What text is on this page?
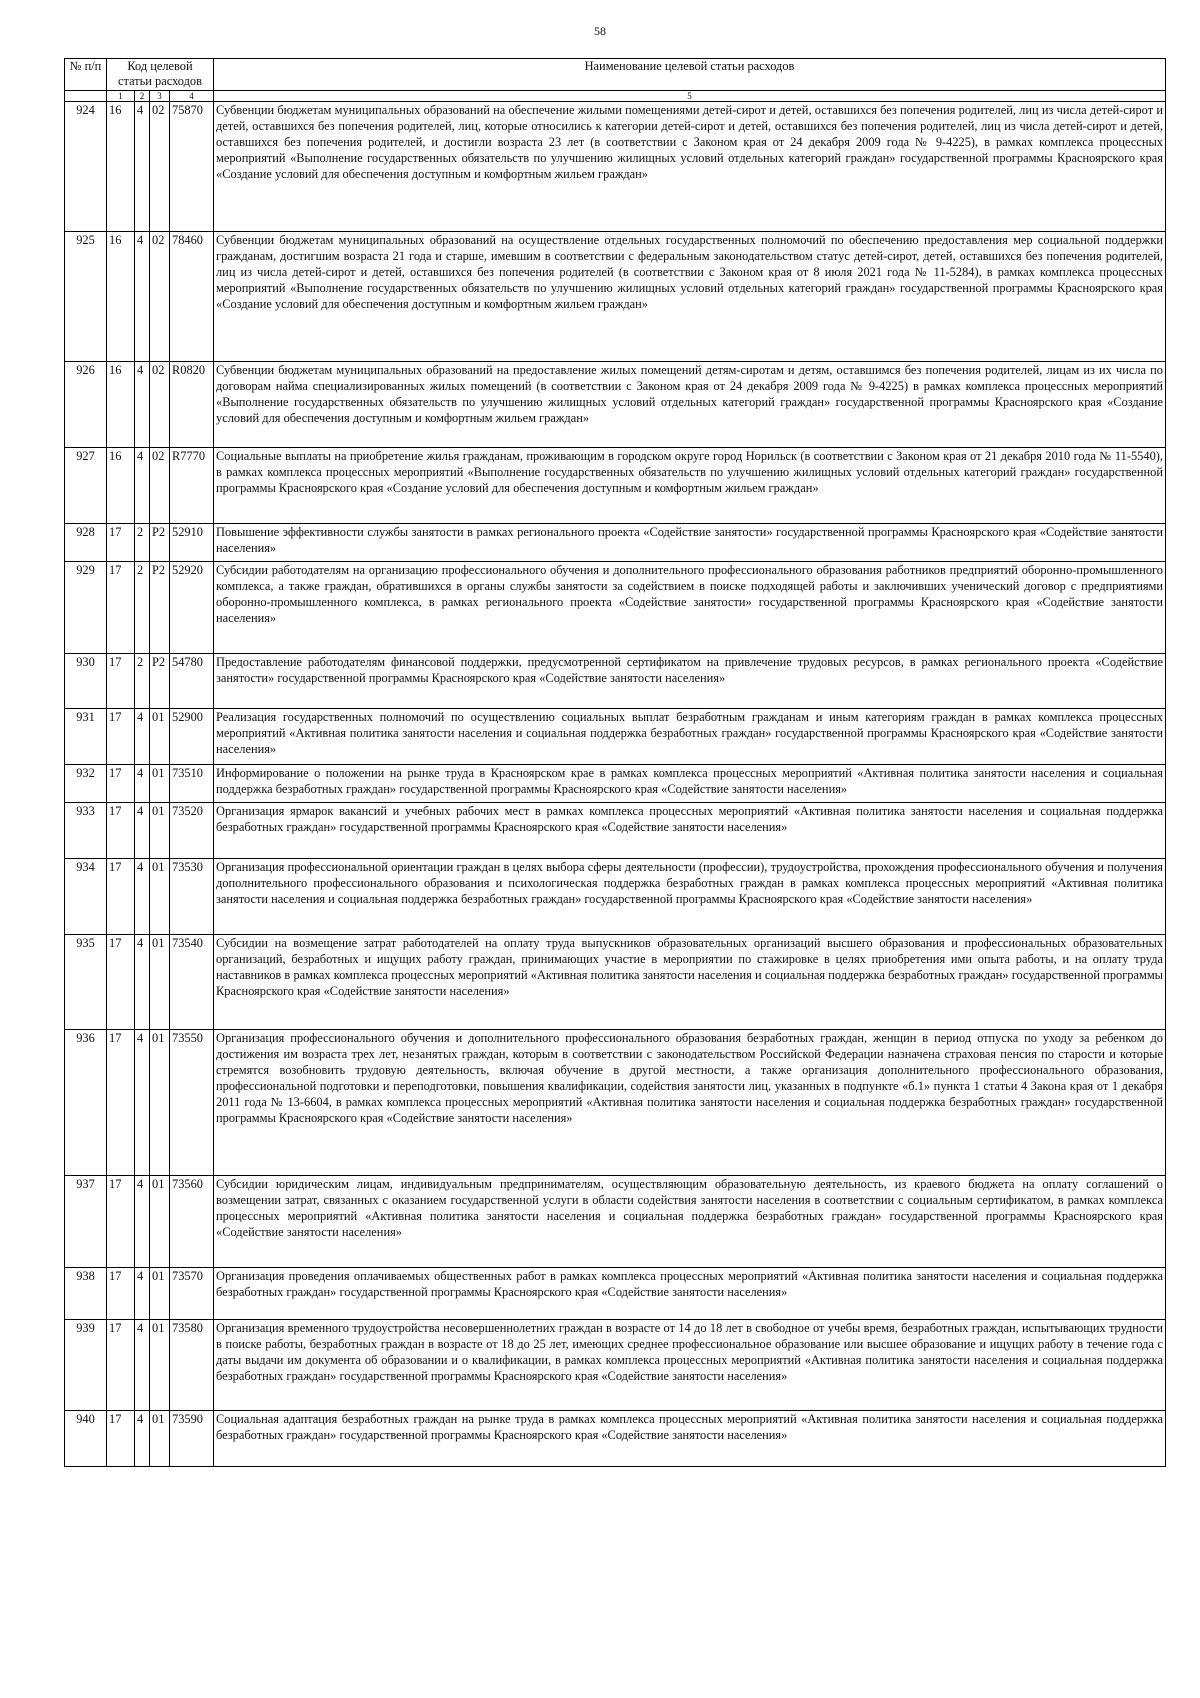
58
№ п/п	Код целевой статьи расходов				Наименование целевой статьи расходов
	1	2	3	4	5
924	16	4	02	75870	Субвенции бюджетам муниципальных образований на обеспечение жилыми помещениями детей-сирот и детей, оставшихся без попечения родителей, лиц из числа детей-сирот и детей, оставшихся без попечения родителей, лиц, которые относились к категории детей-сирот и детей, оставшихся без попечения родителей, лиц из числа детей-сирот и детей, оставшихся без попечения родителей, и достигли возраста 23 лет (в соответствии с Законом края от 24 декабря 2009 года № 9-4225), в рамках комплекса процессных мероприятий «Выполнение государственных обязательств по улучшению жилищных условий отдельных категорий граждан» государственной программы Красноярского края «Создание условий для обеспечения доступным и комфортным жильем граждан»
925	16	4	02	78460	Субвенции бюджетам муниципальных образований на осуществление отдельных государственных полномочий по обеспечению предоставления мер социальной поддержки гражданам, достигшим возраста 21 года и старше, имевшим в соответствии с федеральным законодательством статус детей-сирот, детей, оставшихся без попечения родителей, лиц из числа детей-сирот и детей, оставшихся без попечения родителей (в соответствии с Законом края от 8 июля 2021 года № 11-5284), в рамках комплекса процессных мероприятий «Выполнение государственных обязательств по улучшению жилищных условий отдельных категорий граждан» государственной программы Красноярского края «Создание условий для обеспечения доступным и комфортным жильем граждан»
926	16	4	02	R0820	Субвенции бюджетам муниципальных образований на предоставление жилых помещений детям-сиротам и детям, оставшимся без попечения родителей, лицам из их числа по договорам найма специализированных жилых помещений (в соответствии с Законом края от 24 декабря 2009 года № 9-4225) в рамках комплекса процессных мероприятий «Выполнение государственных обязательств по улучшению жилищных условий отдельных категорий граждан» государственной программы Красноярского края «Создание условий для обеспечения доступным и комфортным жильем граждан»
927	16	4	02	R7770	Социальные выплаты на приобретение жилья гражданам, проживающим в городском округе город Норильск (в соответствии с Законом края от 21 декабря 2010 года № 11-5540), в рамках комплекса процессных мероприятий «Выполнение государственных обязательств по улучшению жилищных условий отдельных категорий граждан» государственной программы Красноярского края «Создание условий для обеспечения доступным и комфортным жильем граждан»
928	17	2	P2	52910	Повышение эффективности службы занятости в рамках регионального проекта «Содействие занятости» государственной программы Красноярского края «Содействие занятости населения»
929	17	2	P2	52920	Субсидии работодателям на организацию профессионального обучения и дополнительного профессионального образования работников предприятий оборонно-промышленного комплекса, а также граждан, обратившихся в органы службы занятости за содействием в поиске подходящей работы и заключивших ученический договор с предприятиями оборонно-промышленного комплекса, в рамках регионального проекта «Содействие занятости» государственной программы Красноярского края «Содействие занятости населения»
930	17	2	P2	54780	Предоставление работодателям финансовой поддержки, предусмотренной сертификатом на привлечение трудовых ресурсов, в рамках регионального проекта «Содействие занятости» государственной программы Красноярского края «Содействие занятости населения»
931	17	4	01	52900	Реализация государственных полномочий по осуществлению социальных выплат безработным гражданам и иным категориям граждан в рамках комплекса процессных мероприятий «Активная политика занятости населения и социальная поддержка безработных граждан» государственной программы Красноярского края «Содействие занятости населения»
932	17	4	01	73510	Информирование о положении на рынке труда в Красноярском крае в рамках комплекса процессных мероприятий «Активная политика занятости населения и социальная поддержка безработных граждан» государственной программы Красноярского края «Содействие занятости населения»
933	17	4	01	73520	Организация ярмарок вакансий и учебных рабочих мест в рамках комплекса процессных мероприятий «Активная политика занятости населения и социальная поддержка безработных граждан» государственной программы Красноярского края «Содействие занятости населения»
934	17	4	01	73530	Организация профессиональной ориентации граждан в целях выбора сферы деятельности (профессии), трудоустройства, прохождения профессионального обучения и получения дополнительного профессионального образования и психологическая поддержка безработных граждан в рамках комплекса процессных мероприятий «Активная политика занятости населения и социальная поддержка безработных граждан» государственной программы Красноярского края «Содействие занятости населения»
935	17	4	01	73540	Субсидии на возмещение затрат работодателей на оплату труда выпускников образовательных организаций высшего образования и профессиональных образовательных организаций, безработных и ищущих работу граждан, принимающих участие в мероприятии по стажировке в целях приобретения ими опыта работы, и на оплату труда наставников в рамках комплекса процессных мероприятий «Активная политика занятости населения и социальная поддержка безработных граждан» государственной программы Красноярского края «Содействие занятости населения»
936	17	4	01	73550	Организация профессионального обучения и дополнительного профессионального образования безработных граждан, женщин в период отпуска по уходу за ребенком до достижения им возраста трех лет, незанятых граждан, которым в соответствии с законодательством Российской Федерации назначена страховая пенсия по старости и которые стремятся возобновить трудовую деятельность, включая обучение в другой местности, а также организация дополнительного профессионального образования, профессиональной подготовки и переподготовки, повышения квалификации, содействия занятости лиц, указанных в подпункте «б.1» пункта 1 статьи 4 Закона края от 1 декабря 2011 года № 13-6604, в рамках комплекса процессных мероприятий «Активная политика занятости населения и социальная поддержка безработных граждан» государственной программы Красноярского края «Содействие занятости населения»
937	17	4	01	73560	Субсидии юридическим лицам, индивидуальным предпринимателям, осуществляющим образовательную деятельность, из краевого бюджета на оплату соглашений о возмещении затрат, связанных с оказанием государственной услуги в области содействия занятости населения в соответствии с социальным сертификатом, в рамках комплекса процессных мероприятий «Активная политика занятости населения и социальная поддержка безработных граждан» государственной программы Красноярского края «Содействие занятости населения»
938	17	4	01	73570	Организация проведения оплачиваемых общественных работ в рамках комплекса процессных мероприятий «Активная политика занятости населения и социальная поддержка безработных граждан» государственной программы Красноярского края «Содействие занятости населения»
939	17	4	01	73580	Организация временного трудоустройства несовершеннолетних граждан в возрасте от 14 до 18 лет в свободное от учебы время, безработных граждан, испытывающих трудности в поиске работы, безработных граждан в возрасте от 18 до 25 лет, имеющих среднее профессиональное образование или высшее образование и ищущих работу в течение года с даты выдачи им документа об образовании и о квалификации, в рамках комплекса процессных мероприятий «Активная политика занятости населения и социальная поддержка безработных граждан» государственной программы Красноярского края «Содействие занятости населения»
940	17	4	01	73590	Социальная адаптация безработных граждан на рынке труда в рамках комплекса процессных мероприятий «Активная политика занятости населения и социальная поддержка безработных граждан» государственной программы Красноярского края «Содействие занятости населения»
